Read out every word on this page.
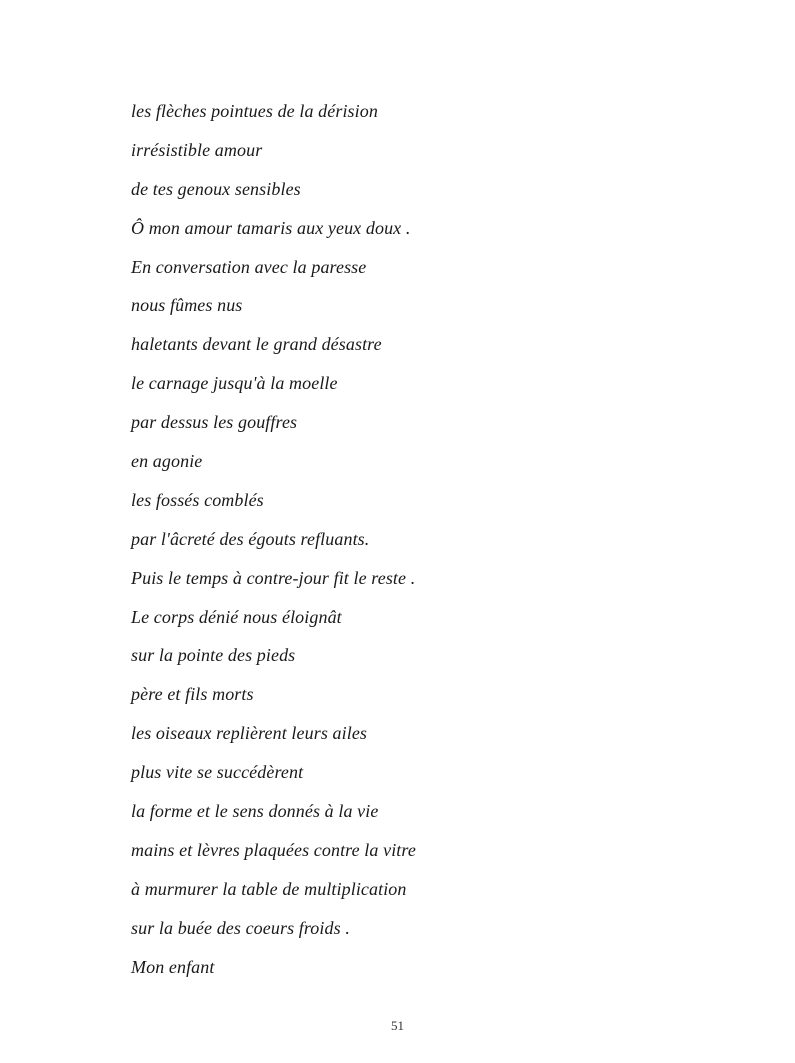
les flèches pointues de la dérision
irrésistible amour
de tes genoux sensibles
Ô mon amour tamaris aux yeux doux .
En conversation avec la paresse
nous fûmes nus
haletants devant le grand désastre
le carnage jusqu'à la moelle
par dessus les gouffres
en agonie
les fossés comblés
par l'âcreté des égouts refluants.
Puis le temps à contre-jour fit le reste .
Le corps dénié nous éloignât
sur la pointe des pieds
père et fils morts
les oiseaux replièrent leurs ailes
plus vite se succédèrent
la forme et le sens donnés à la vie
mains et lèvres plaquées contre la vitre
à murmurer la table de multiplication
sur la buée des coeurs froids .
Mon enfant
51
